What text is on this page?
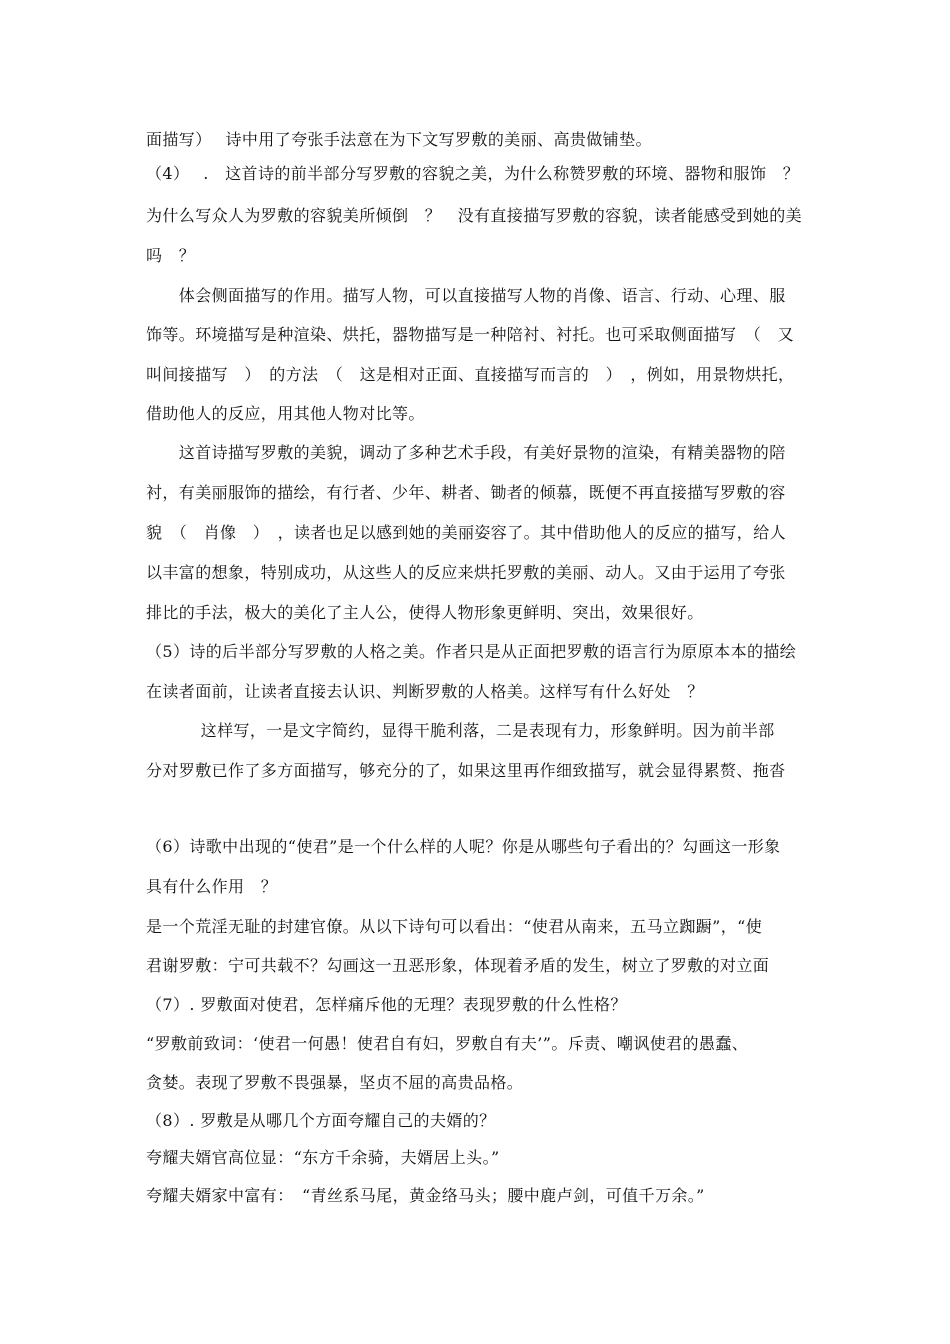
面描写）　 诗中用了夸张手法意在为下文写罗敷的美丽、高贵做铺垫。
（4）　 .　这首诗的前半部分写罗敷的容貌之美，为什么称赞罗敷的环境、器物和服饰　？
为什么写众人为罗敷的容貌美所倾倒　？　没有直接描写罗敷的容貌，读者能感受到她的美
吗　？
　　体会侧面描写的作用。描写人物，可以直接描写人物的肖像、语言、行动、心理、服
饰等。环境描写是种渲染、烘托，器物描写是一种陪衬、衬托。也可采取侧面描写　（　又
叫间接描写　）　的方法　（　这是相对正面、直接描写而言的　）　，例如，用景物烘托，
借助他人的反应，用其他人物对比等。
　　这首诗描写罗敷的美貌，调动了多种艺术手段，有美好景物的渲染，有精美器物的陪
衬，有美丽服饰的描绘，有行者、少年、耕者、锄者的倾慕，既便不再直接描写罗敷的容
貌　（　肖像　）　，读者也足以感到她的美丽姿容了。其中借助他人的反应的描写，给人
以丰富的想象，特别成功，从这些人的反应来烘托罗敷的美丽、动人。又由于运用了夸张
排比的手法，极大的美化了主人公，使得人物形象更鲜明、突出，效果很好。
（5）诗的后半部分写罗敷的人格之美。作者只是从正面把罗敷的语言行为原原本本的描绘
在读者面前，让读者直接去认识、判断罗敷的人格美。这样写有什么好处　？
　　　 这样写，一是文字简约，显得干脆利落，二是表现有力，形象鲜明。因为前半部
分对罗敷已作了多方面描写，够充分的了，如果这里再作细致描写，就会显得累赘、拖沓
（6）诗歌中出现的“使君”是一个什么样的人呢？你是从哪些句子看出的？勾画这一形象
具有什么作用　？
是一个荒淫无耻的封建官僚。从以下诗句可以看出：“使君从南来，五马立踟蹰”，“使
君谢罗敷：宁可共载不？勾画这一丑恶形象，体现着矛盾的发生，树立了罗敷的对立面
（7）. 罗敷面对使君，怎样痛斥他的无理？表现罗敷的什么性格？
“罗敷前致词：‘使君一何愚！使君自有妇，罗敷自有夫’”。斥责、嘲讽使君的愚蠢、
贪婪。表现了罗敷不畏强暴，坚贞不屈的高贵品格。
（8）. 罗敷是从哪几个方面夸耀自己的夫婿的？
夸耀夫婿官高位显：“东方千余骑，夫婿居上头。”
夸耀夫婿家中富有：　“青丝系马尾，黄金络马头；腰中鹿卢剑，可值千万余。”
